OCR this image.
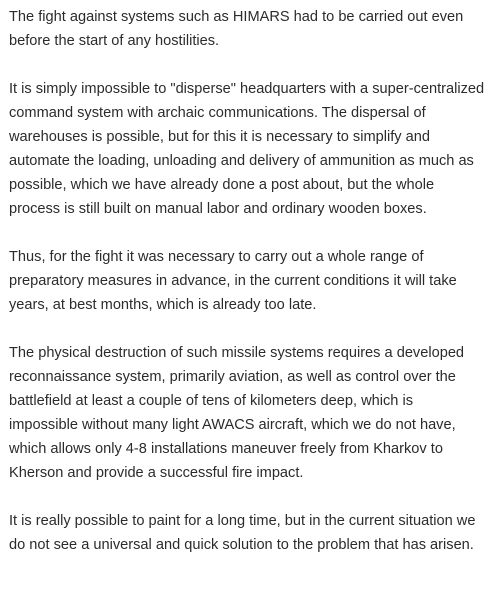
The fight against systems such as HIMARS had to be carried out even before the start of any hostilities.

It is simply impossible to "disperse" headquarters with a super-centralized command system with archaic communications. The dispersal of warehouses is possible, but for this it is necessary to simplify and automate the loading, unloading and delivery of ammunition as much as possible, which we have already done a post about, but the whole process is still built on manual labor and ordinary wooden boxes.

Thus, for the fight it was necessary to carry out a whole range of preparatory measures in advance, in the current conditions it will take years, at best months, which is already too late.

The physical destruction of such missile systems requires a developed reconnaissance system, primarily aviation, as well as control over the battlefield at least a couple of tens of kilometers deep, which is impossible without many light AWACS aircraft, which we do not have, which allows only 4-8 installations maneuver freely from Kharkov to Kherson and provide a successful fire impact.

It is really possible to paint for a long time, but in the current situation we do not see a universal and quick solution to the problem that has arisen.
